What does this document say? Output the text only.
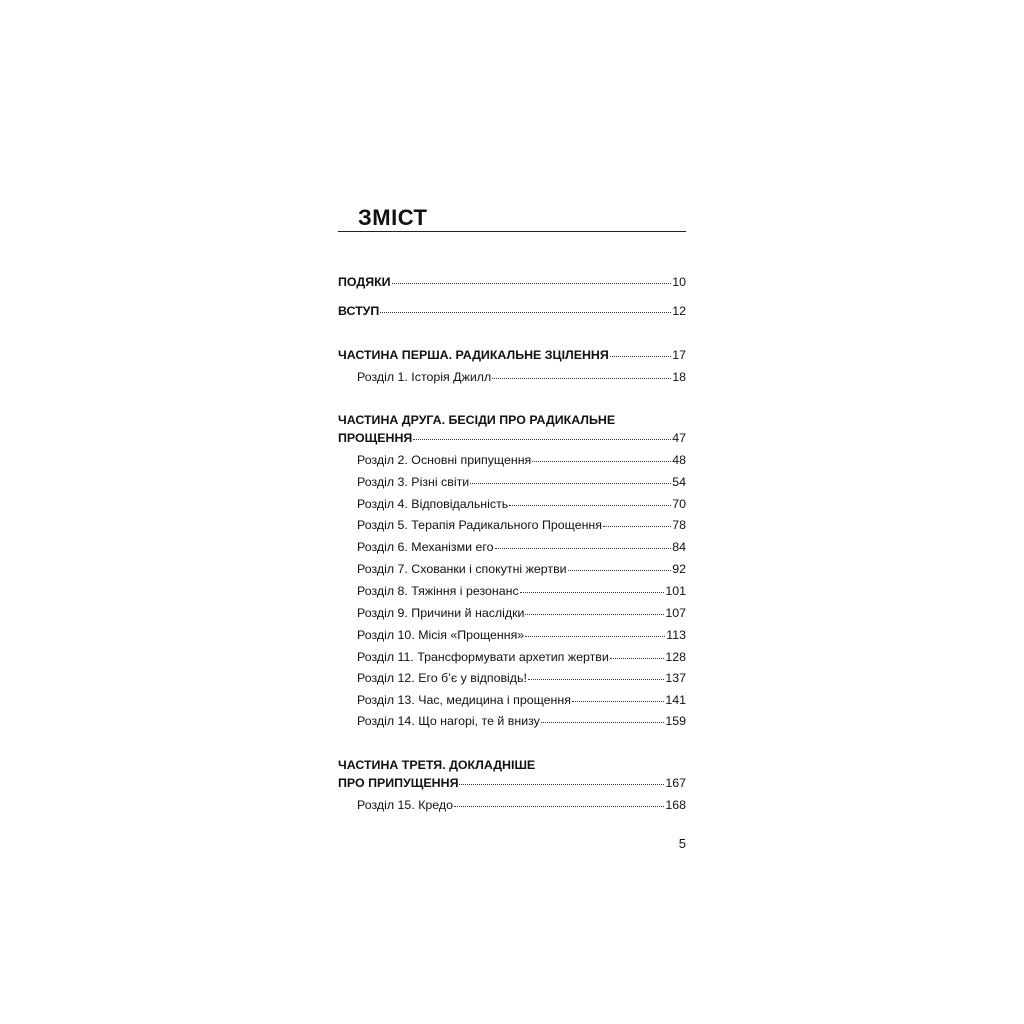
ЗМІСТ
ПОДЯКИ	10
ВСТУП	12
ЧАСТИНА ПЕРША. РАДИКАЛЬНЕ ЗЦІЛЕННЯ	17
Розділ 1. Історія Джилл	18
ЧАСТИНА ДРУГА. БЕСІДИ ПРО РАДИКАЛЬНЕ
ПРОЩЕННЯ	47
Розділ 2. Основні припущення	48
Розділ 3. Різні світи	54
Розділ 4. Відповідальність	70
Розділ 5. Терапія Радикального Прощення	78
Розділ 6. Механізми его	84
Розділ 7. Схованки і спокутні жертви	92
Розділ 8. Тяжіння і резонанс	101
Розділ 9. Причини й наслідки	107
Розділ 10. Місія «Прощення»	113
Розділ 11. Трансформувати архетип жертви	128
Розділ 12. Его б’є у відповідь!	137
Розділ 13. Час, медицина і прощення	141
Розділ 14. Що нагорі, те й внизу	159
ЧАСТИНА ТРЕТЯ. ДОКЛАДНІШЕ
ПРО ПРИПУЩЕННЯ	167
Розділ 15. Кредо	168
5
